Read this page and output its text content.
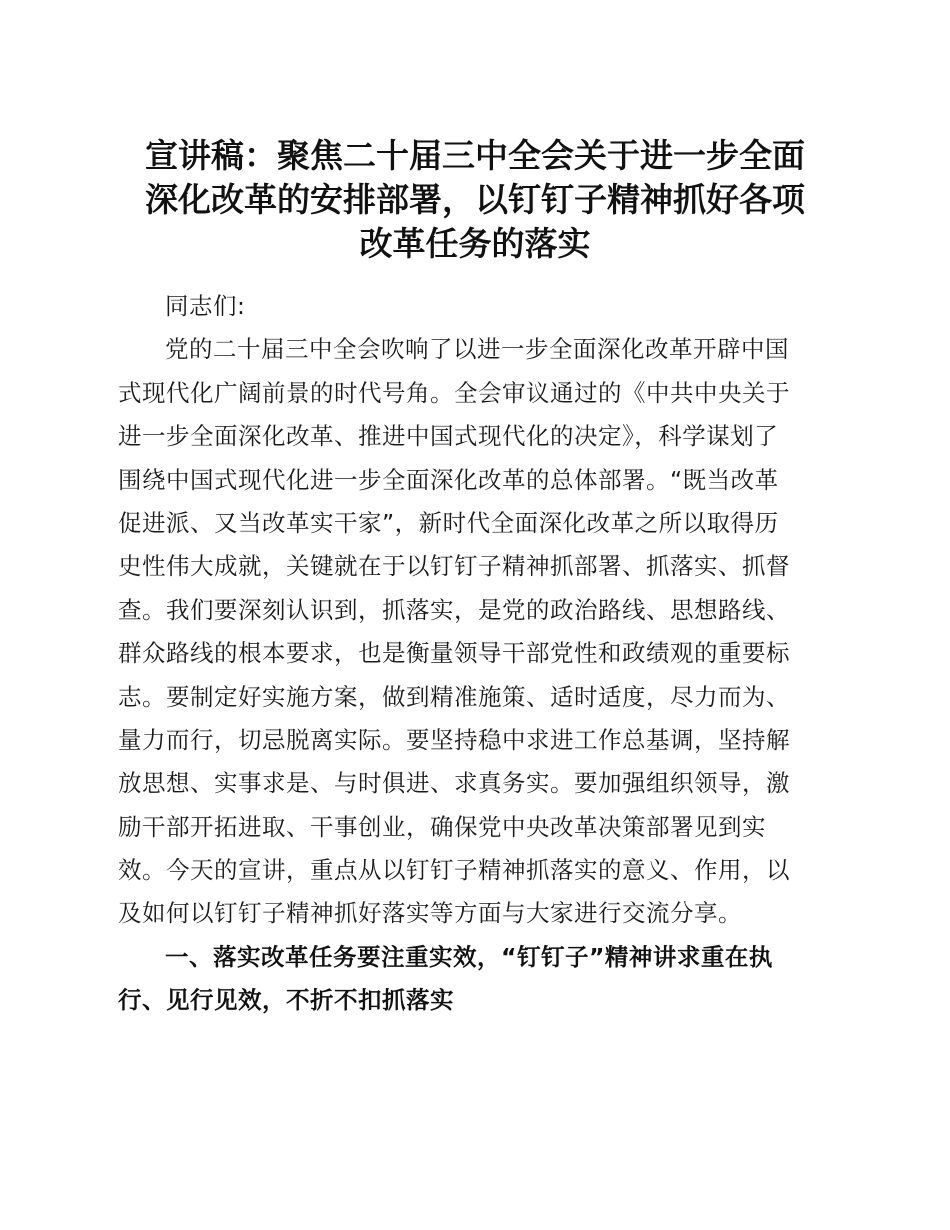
宣讲稿：聚焦二十届三中全会关于进一步全面
深化改革的安排部署，以钉钉子精神抓好各项
改革任务的落实
同志们:
党的二十届三中全会吹响了以进一步全面深化改革开辟中国
式现代化广阔前景的时代号角。全会审议通过的《中共中央关于
进一步全面深化改革、推进中国式现代化的决定》，科学谋划了
围绕中国式现代化进一步全面深化改革的总体部署。“既当改革
促进派、又当改革实干家”，新时代全面深化改革之所以取得历
史性伟大成就，关键就在于以钉钉子精神抓部署、抓落实、抓督
查。我们要深刻认识到，抓落实，是党的政治路线、思想路线、
群众路线的根本要求，也是衡量领导干部党性和政绩观的重要标
志。要制定好实施方案，做到精准施策、适时适度，尽力而为、
量力而行，切忌脱离实际。要坚持稳中求进工作总基调，坚持解
放思想、实事求是、与时俱进、求真务实。要加强组织领导，激
励干部开拓进取、干事创业，确保党中央改革决策部署见到实
效。今天的宣讲，重点从以钉钉子精神抓落实的意义、作用，以
及如何以钉钉子精神抓好落实等方面与大家进行交流分享。
一、落实改革任务要注重实效，“钉钉子”精神讲求重在执
行、见行见效，不折不扣抓落实
